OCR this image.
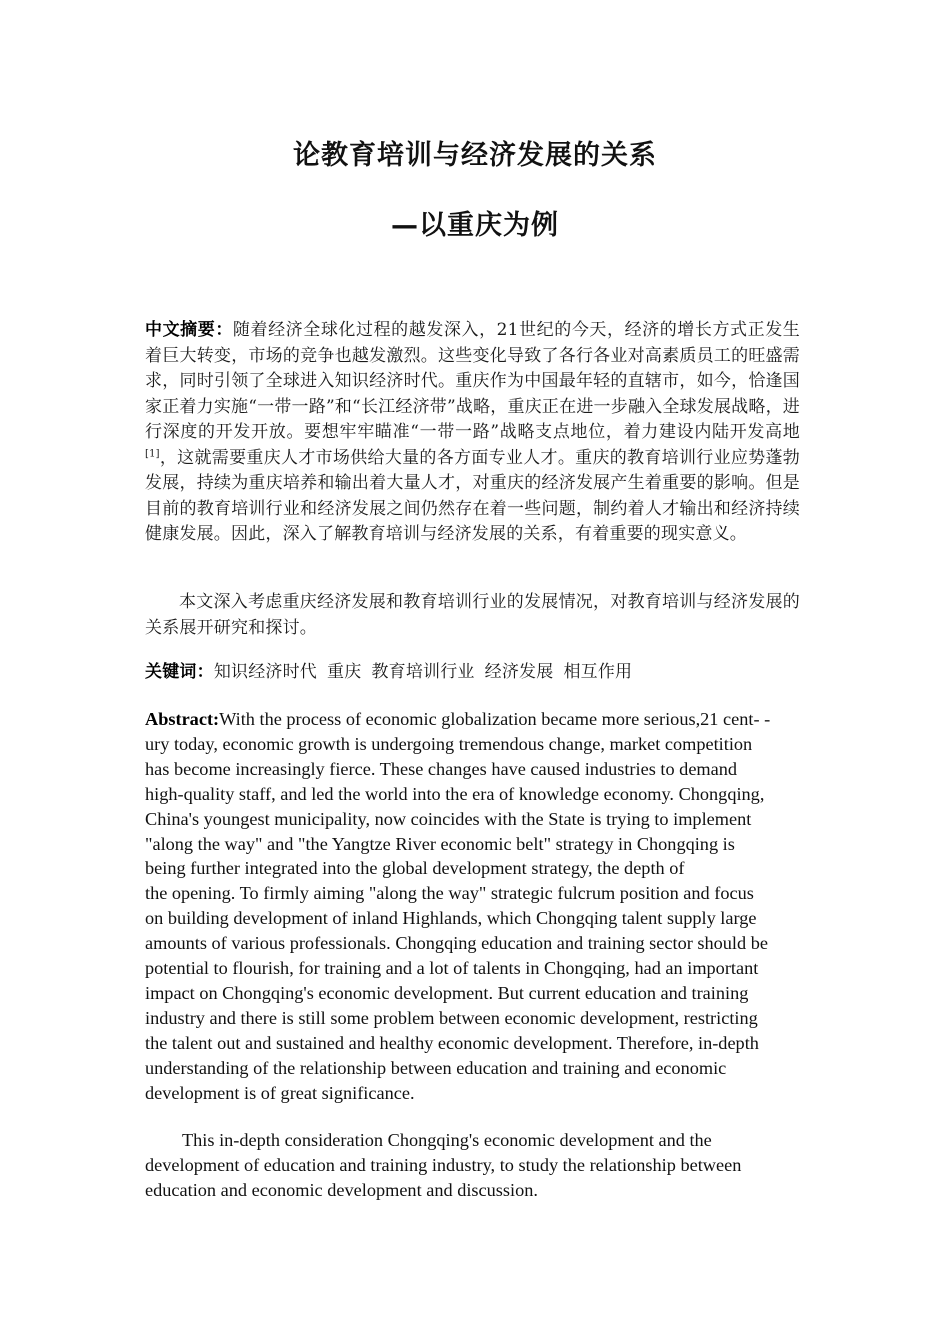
论教育培训与经济发展的关系
—以重庆为例
中文摘要：随着经济全球化过程的越发深入，21世纪的今天，经济的增长方式正发生着巨大转变，市场的竞争也越发激烈。这些变化导致了各行各业对高素质员工的旺盛需求，同时引领了全球进入知识经济时代。重庆作为中国最年轻的直辖市，如今，恰逢国家正着力实施“一带一路”和“长江经济带”战略，重庆正在进一步融入全球发展战略，进行深度的开发开放。要想牢牢瞄准“一带一路”战略支点地位，着力建设内陆开发高地[1]，这就需要重庆人才市场供给大量的各方面专业人才。重庆的教育培训行业应势蓬勃发展，持续为重庆培养和输出着大量人才，对重庆的经济发展产生着重要的影响。但是目前的教育培训行业和经济发展之间仍然存在着一些问题，制约着人才输出和经济持续健康发展。因此，深入了解教育培训与经济发展的关系，有着重要的现实意义。
本文深入考虑重庆经济发展和教育培训行业的发展情况，对教育培训与经济发展的关系展开研究和探讨。
关键词：知识经济时代 重庆 教育培训行业 经济发展 相互作用
Abstract:With the process of economic globalization became more serious,21 cent- -
ury today, economic growth is undergoing tremendous change, market competition
has become increasingly fierce. These changes have caused industries to demand
high-quality staff, and led the world into the era of knowledge economy. Chongqing,
China's youngest municipality, now coincides with the State is trying to implement
"along the way" and "the Yangtze River economic belt" strategy in Chongqing is
being further integrated into the global development strategy, the depth of
the opening. To firmly aiming "along the way" strategic fulcrum position and focus
on building development of inland Highlands, which Chongqing talent supply large
amounts of various professionals. Chongqing education and training sector should be
potential to flourish, for training and a lot of talents in Chongqing, had an important
impact on Chongqing's economic development. But current education and training
industry and there is still some problem between economic development, restricting
the talent out and sustained and healthy economic development. Therefore, in-depth
understanding of the relationship between education and training and economic
development is of great significance.
This in-depth consideration Chongqing's economic development and the development of education and training industry, to study the relationship between education and economic development and discussion.
